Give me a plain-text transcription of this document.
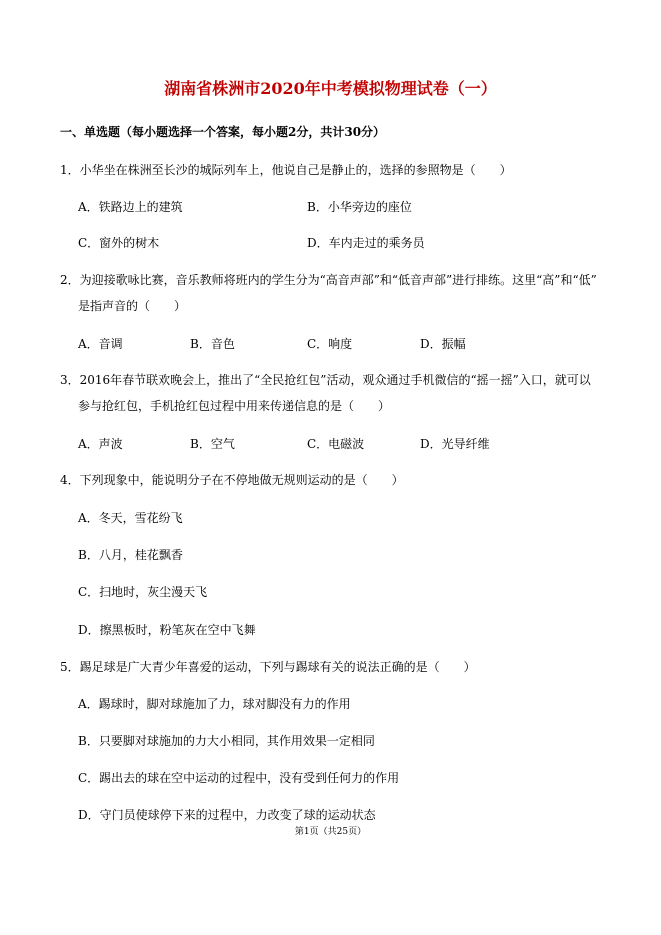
湖南省株洲市2020年中考模拟物理试卷（一）
一、单选题（每小题选择一个答案，每小题2分，共计30分）
1．小华坐在株洲至长沙的城际列车上，他说自己是静止的，选择的参照物是（　　）
A．铁路边上的建筑	B．小华旁边的座位
C．窗外的树木	D．车内走过的乘务员
2．为迎接歌咏比赛，音乐教师将班内的学生分为“高音声部”和“低音声部”进行排练。这里“高”和“低”
是指声音的（　　）
A．音调	B．音色	C．响度	D．振幅
3．2016年春节联欢晚会上，推出了“全民抢红包”活动，观众通过手机微信的“摇一摇”入口，就可以
参与抢红包，手机抢红包过程中用来传递信息的是（　　）
A．声波	B．空气	C．电磁波	D．光导纤维
4．下列现象中，能说明分子在不停地做无规则运动的是（　　）
A．冬天，雪花纷飞
B．八月，桂花飘香
C．扫地时，灰尘漫天飞
D．擦黑板时，粉笔灰在空中飞舞
5．踢足球是广大青少年喜爱的运动，下列与踢球有关的说法正确的是（　　）
A．踢球时，脚对球施加了力，球对脚没有力的作用
B．只要脚对球施加的力大小相同，其作用效果一定相同
C．踢出去的球在空中运动的过程中，没有受到任何力的作用
D．守门员使球停下来的过程中，力改变了球的运动状态
第1页（共25页）
